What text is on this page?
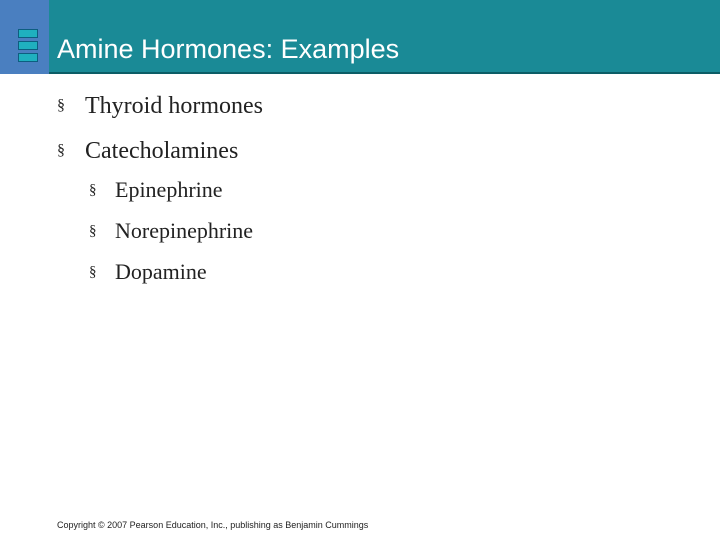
Amine Hormones: Examples
§ Thyroid hormones
§ Catecholamines
§ Epinephrine
§ Norepinephrine
§ Dopamine
Copyright © 2007 Pearson Education, Inc., publishing as Benjamin Cummings
